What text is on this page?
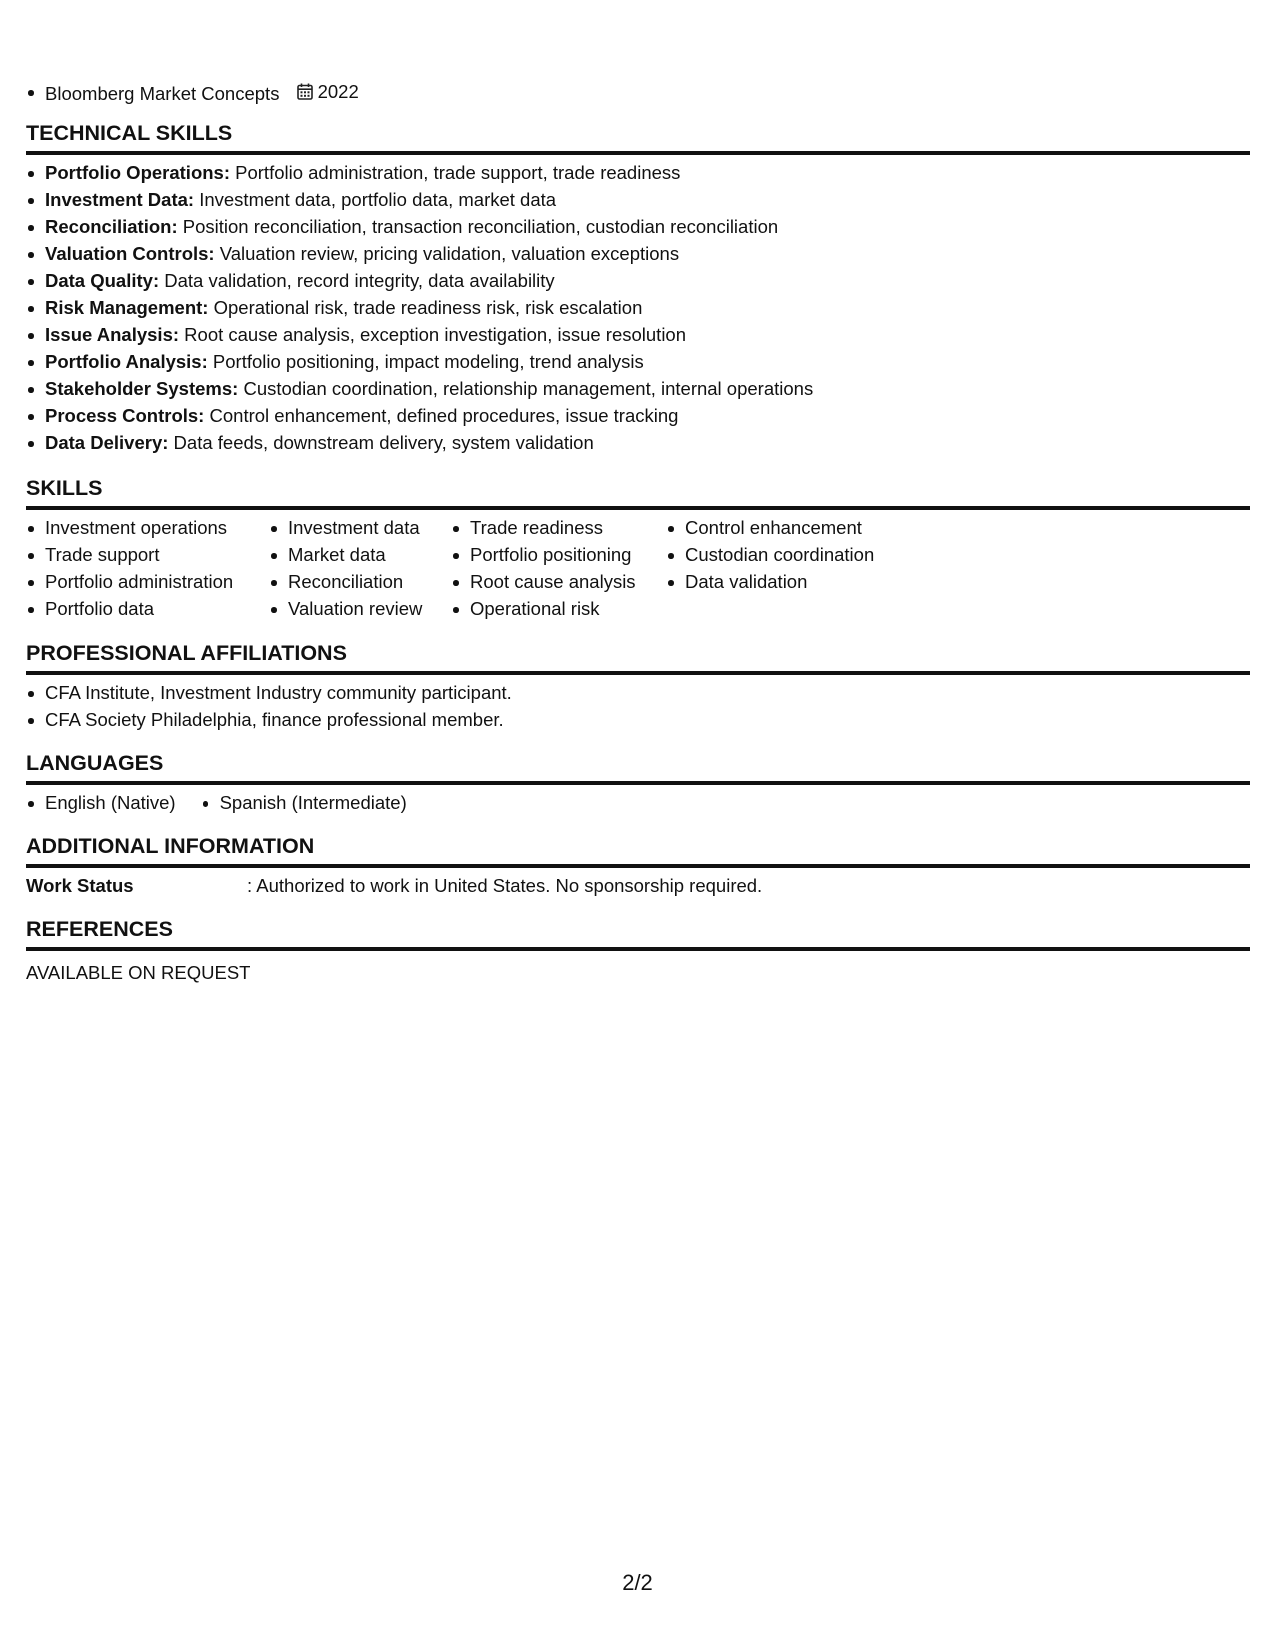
Bloomberg Market Concepts 2022
TECHNICAL SKILLS
Portfolio Operations: Portfolio administration, trade support, trade readiness
Investment Data: Investment data, portfolio data, market data
Reconciliation: Position reconciliation, transaction reconciliation, custodian reconciliation
Valuation Controls: Valuation review, pricing validation, valuation exceptions
Data Quality: Data validation, record integrity, data availability
Risk Management: Operational risk, trade readiness risk, risk escalation
Issue Analysis: Root cause analysis, exception investigation, issue resolution
Portfolio Analysis: Portfolio positioning, impact modeling, trend analysis
Stakeholder Systems: Custodian coordination, relationship management, internal operations
Process Controls: Control enhancement, defined procedures, issue tracking
Data Delivery: Data feeds, downstream delivery, system validation
SKILLS
Investment operations
Trade support
Portfolio administration
Portfolio data
Investment data
Market data
Reconciliation
Valuation review
Trade readiness
Portfolio positioning
Root cause analysis
Operational risk
Control enhancement
Custodian coordination
Data validation
PROFESSIONAL AFFILIATIONS
CFA Institute, Investment Industry community participant.
CFA Society Philadelphia, finance professional member.
LANGUAGES
English (Native)	Spanish (Intermediate)
ADDITIONAL INFORMATION
Work Status	: Authorized to work in United States. No sponsorship required.
REFERENCES
AVAILABLE ON REQUEST
2/2
